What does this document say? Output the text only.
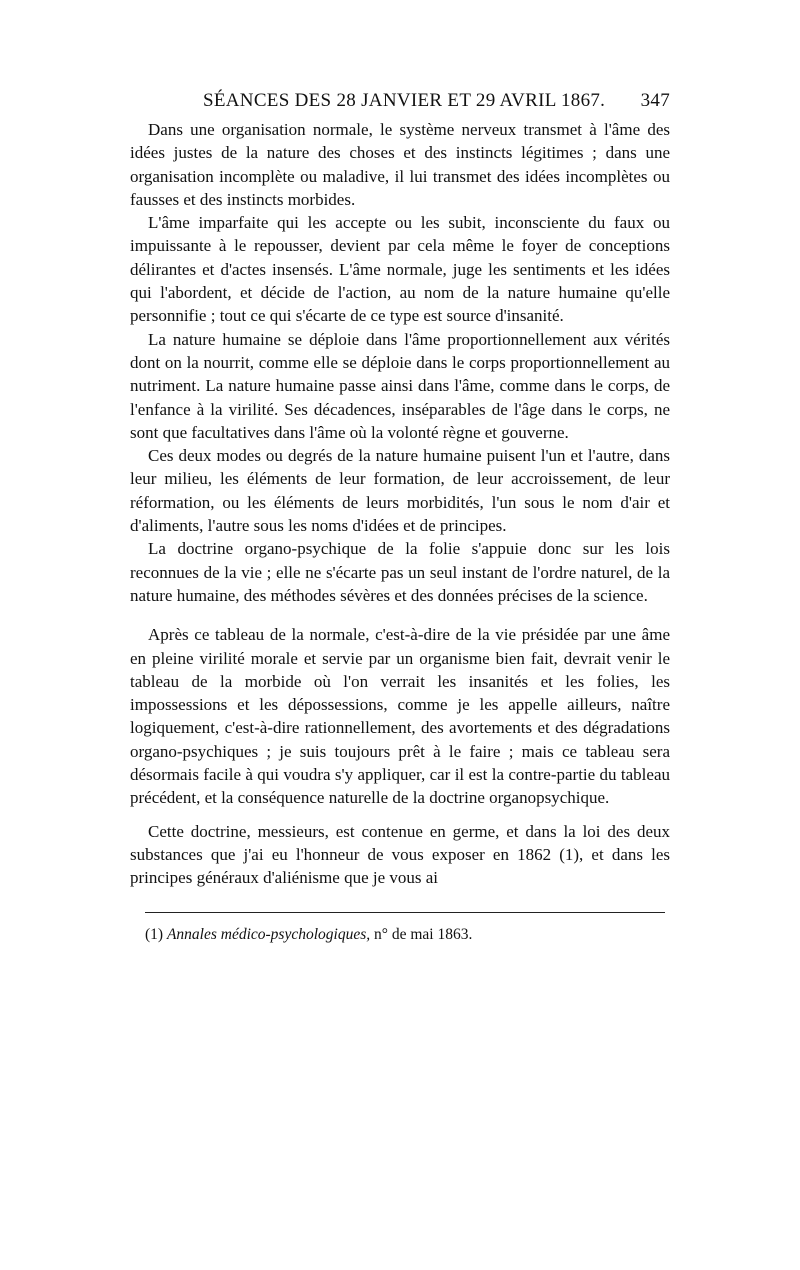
SÉANCES DES 28 JANVIER ET 29 AVRIL 1867. 347

Dans une organisation normale, le système nerveux transmet à l'âme des idées justes de la nature des choses et des instincts légitimes ; dans une organisation incomplète ou maladive, il lui transmet des idées incomplètes ou fausses et des instincts morbides.

L'âme imparfaite qui les accepte ou les subit, inconsciente du faux ou impuissante à le repousser, devient par cela même le foyer de conceptions délirantes et d'actes insensés. L'âme normale, juge les sentiments et les idées qui l'abordent, et décide de l'action, au nom de la nature humaine qu'elle personnifie ; tout ce qui s'écarte de ce type est source d'insanité.

La nature humaine se déploie dans l'âme proportionnellement aux vérités dont on la nourrit, comme elle se déploie dans le corps proportionnellement au nutriment. La nature humaine passe ainsi dans l'âme, comme dans le corps, de l'enfance à la virilité. Ses décadences, inséparables de l'âge dans le corps, ne sont que facultatives dans l'âme où la volonté règne et gouverne.

Ces deux modes ou degrés de la nature humaine puisent l'un et l'autre, dans leur milieu, les éléments de leur formation, de leur accroissement, de leur réformation, ou les éléments de leurs morbidités, l'un sous le nom d'air et d'aliments, l'autre sous les noms d'idées et de principes.

La doctrine organo-psychique de la folie s'appuie donc sur les lois reconnues de la vie ; elle ne s'écarte pas un seul instant de l'ordre naturel, de la nature humaine, des méthodes sévères et des données précises de la science.

Après ce tableau de la normale, c'est-à-dire de la vie présidée par une âme en pleine virilité morale et servie par un organisme bien fait, devrait venir le tableau de la morbide où l'on verrait les insanités et les folies, les impossessions et les dépossessions, comme je les appelle ailleurs, naître logiquement, c'est-à-dire rationnellement, des avortements et des dégradations organo-psychiques ; je suis toujours prêt à le faire ; mais ce tableau sera désormais facile à qui voudra s'y appliquer, car il est la contre-partie du tableau précédent, et la conséquence naturelle de la doctrine organopsychique.

Cette doctrine, messieurs, est contenue en germe, et dans la loi des deux substances que j'ai eu l'honneur de vous exposer en 1862 (1), et dans les principes généraux d'aliénisme que je vous ai

(1) Annales médico-psychologiques, n° de mai 1863.
